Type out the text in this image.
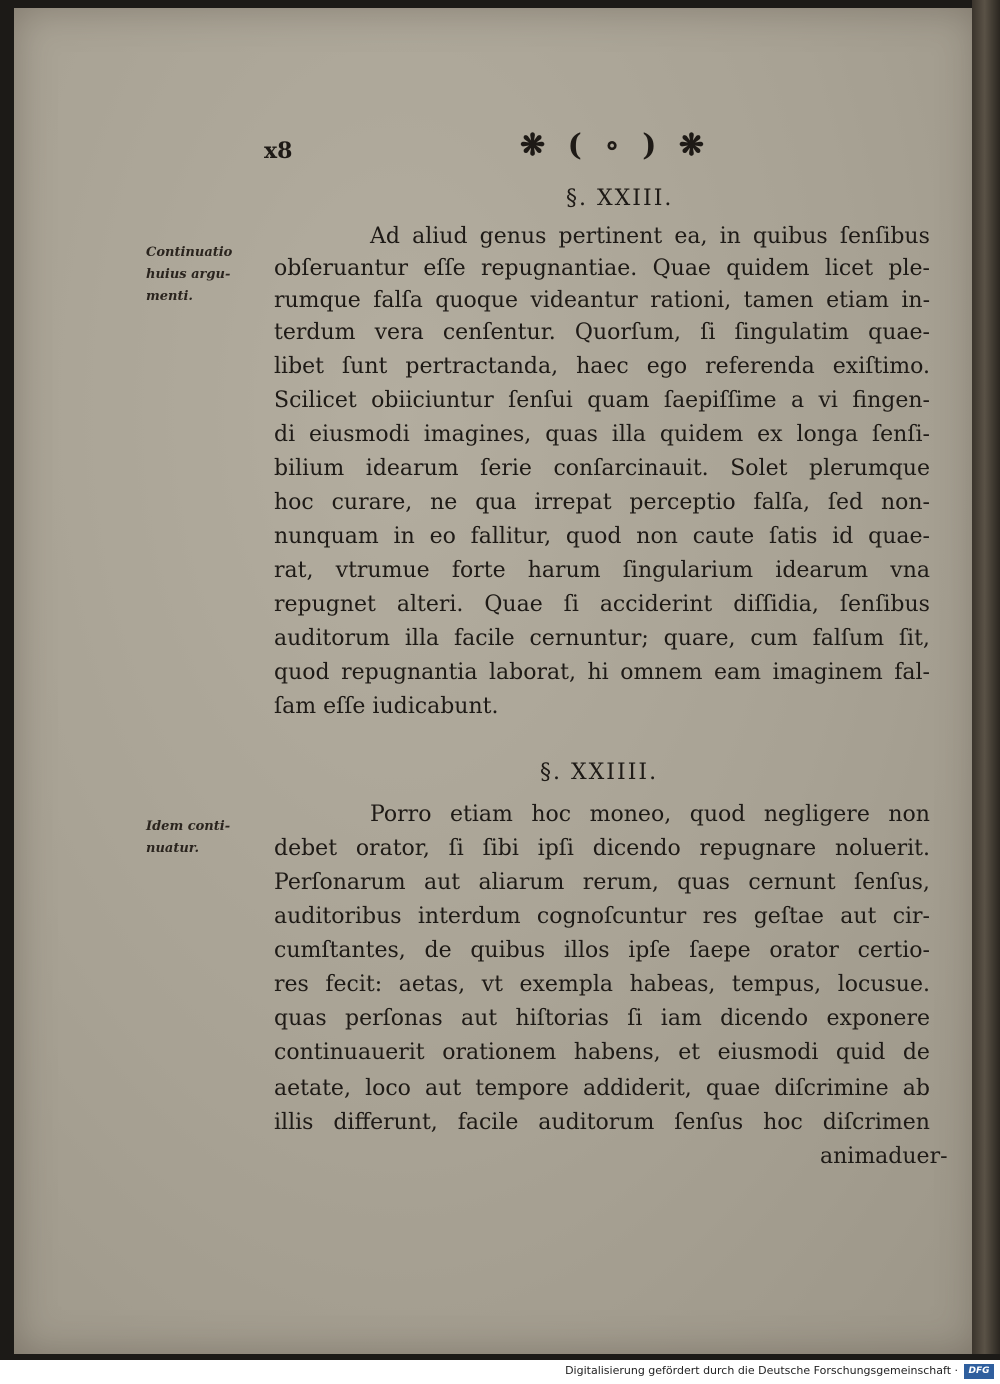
x8	❋ ( ∘ ) ❋
§. XXIII.
Continuatio
huius argu-
menti.
Ad aliud genus pertinent ea, in quibus ſenſibus
obſeruantur eſſe repugnantiae. Quae quidem licet ple-
rumque falſa quoque videantur rationi, tamen etiam in-
terdum vera cenſentur. Quorſum, ſi ſingulatim quae-
libet ſunt pertractanda, haec ego referenda exiſtimo.
Scilicet obiiciuntur ſenſui quam ſaepiſſime a vi fingen-
di eiusmodi imagines, quas illa quidem ex longa ſenſi-
bilium idearum ſerie conſarcinauit. Solet plerumque
hoc curare, ne qua irrepat perceptio falſa, ſed non-
nunquam in eo fallitur, quod non caute ſatis id quae-
rat, vtrumue forte harum ſingularium idearum vna
repugnet alteri. Quae ſi acciderint diſſidia, ſenſibus
auditorum illa facile cernuntur; quare, cum falſum ſit,
quod repugnantia laborat, hi omnem eam imaginem fal-
ſam eſſe iudicabunt.
§. XXIIII.
Idem conti-
nuatur.
Porro etiam hoc moneo, quod negligere non
debet orator, ſi ſibi ipſi dicendo repugnare noluerit.
Perſonarum aut aliarum rerum, quas cernunt ſenſus,
auditoribus interdum cognoſcuntur res geſtae aut cir-
cumſtantes, de quibus illos ipſe ſaepe orator certio-
res fecit: aetas, vt exempla habeas, tempus, locusue.
quas perſonas aut hiſtorias ſi iam dicendo exponere
continuauerit orationem habens, et eiusmodi quid de
aetate, loco aut tempore addiderit, quae diſcrimine ab
illis differunt, facile auditorum ſenſus hoc diſcrimen
animaduer-
Digitalisierung gefördert durch die Deutsche Forschungsgemeinschaft ·	DFG
